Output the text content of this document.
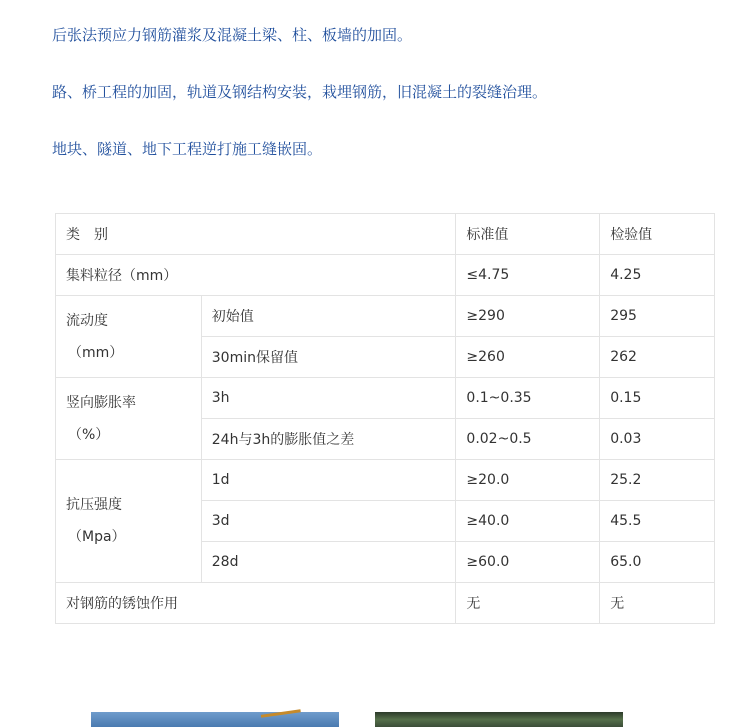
后张法预应力钢筋灌浆及混凝土梁、柱、板墙的加固。
路、桥工程的加固，轨道及钢结构安装，栽埋钢筋，旧混凝土的裂缝治理。
地块、隧道、地下工程逆打施工缝嵌固。
类　别		标准值	检验值
集料粒径（mm）		≤4.75	4.25

流动度
（mm）	初始值	≥290	295
	30min保留值	≥260	262

竖向膨胀率
（%）	3h	0.1~0.35	0.15
	24h与3h的膨胀值之差	0.02~0.5	0.03

抗压强度
（Mpa）	1d	≥20.0	25.2
	3d	≥40.0	45.5
	28d	≥60.0	65.0
对钢筋的锈蚀作用		无	无
